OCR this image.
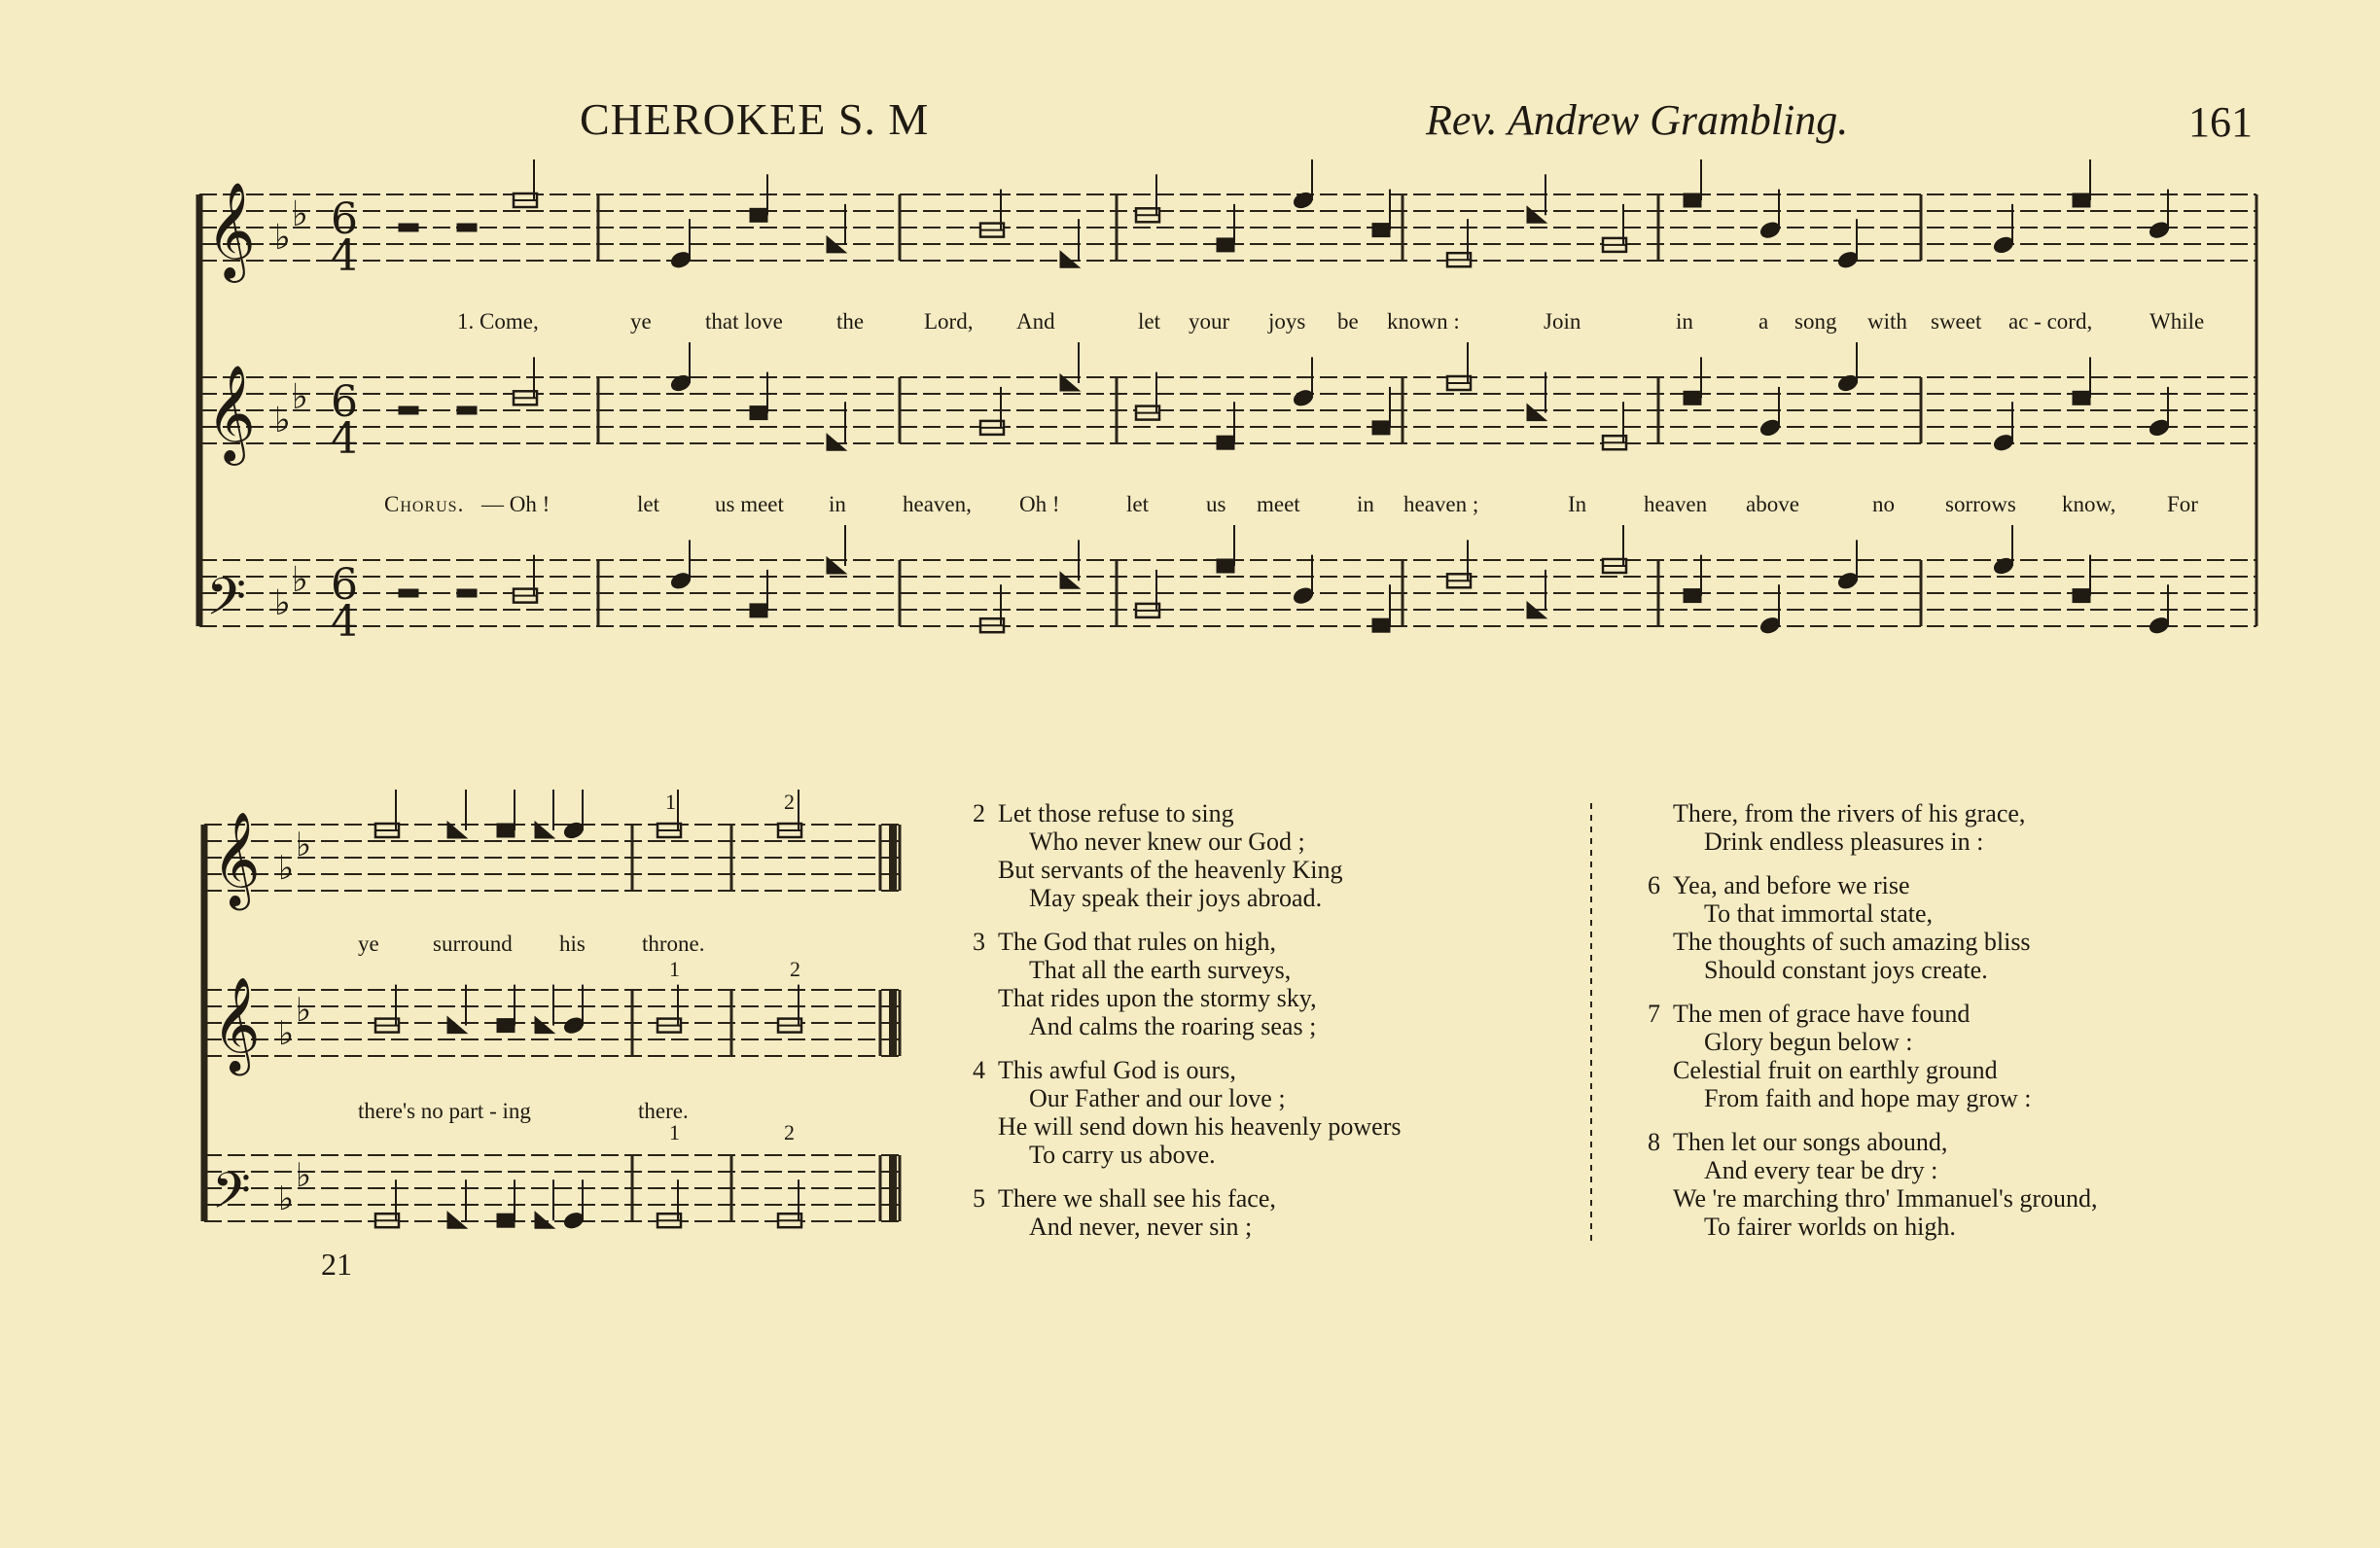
CHEROKEE S. M	Rev. Andrew Grambling.	161
𝄞 ♭
♭ 6
4
𝄞 ♭
♭ 6
4
𝄢 ♭
♭ 6
4
𝄞 ♭
♭
𝄞 ♭
♭
𝄢 ♭
♭
1. Come,	ye that love the	Lord, And	let your joys be known :	Join	in	a song with sweet ac - cord,	While
Chorus. — Oh !	let us meet in	heaven, Oh !	let	us meet	in heaven ;	In	heaven above	no sorrows know, For
ye surround his	throne.
there's no part - ing	there.
1	2
1	2
1	2
21
2 Let those refuse to sing
Who never knew our God ;
But servants of the heavenly King
May speak their joys abroad.
3 The God that rules on high,
That all the earth surveys,
That rides upon the stormy sky,
And calms the roaring seas ;
4 This awful God is ours,
Our Father and our love ;
He will send down his heavenly powers
To carry us above.
5 There we shall see his face,
And never, never sin ;
There, from the rivers of his grace,
Drink endless pleasures in :
6 Yea, and before we rise
To that immortal state,
The thoughts of such amazing bliss
Should constant joys create.
7 The men of grace have found
Glory begun below :
Celestial fruit on earthly ground
From faith and hope may grow :
8 Then let our songs abound,
And every tear be dry :
We 're marching thro' Immanuel's ground,
To fairer worlds on high.
